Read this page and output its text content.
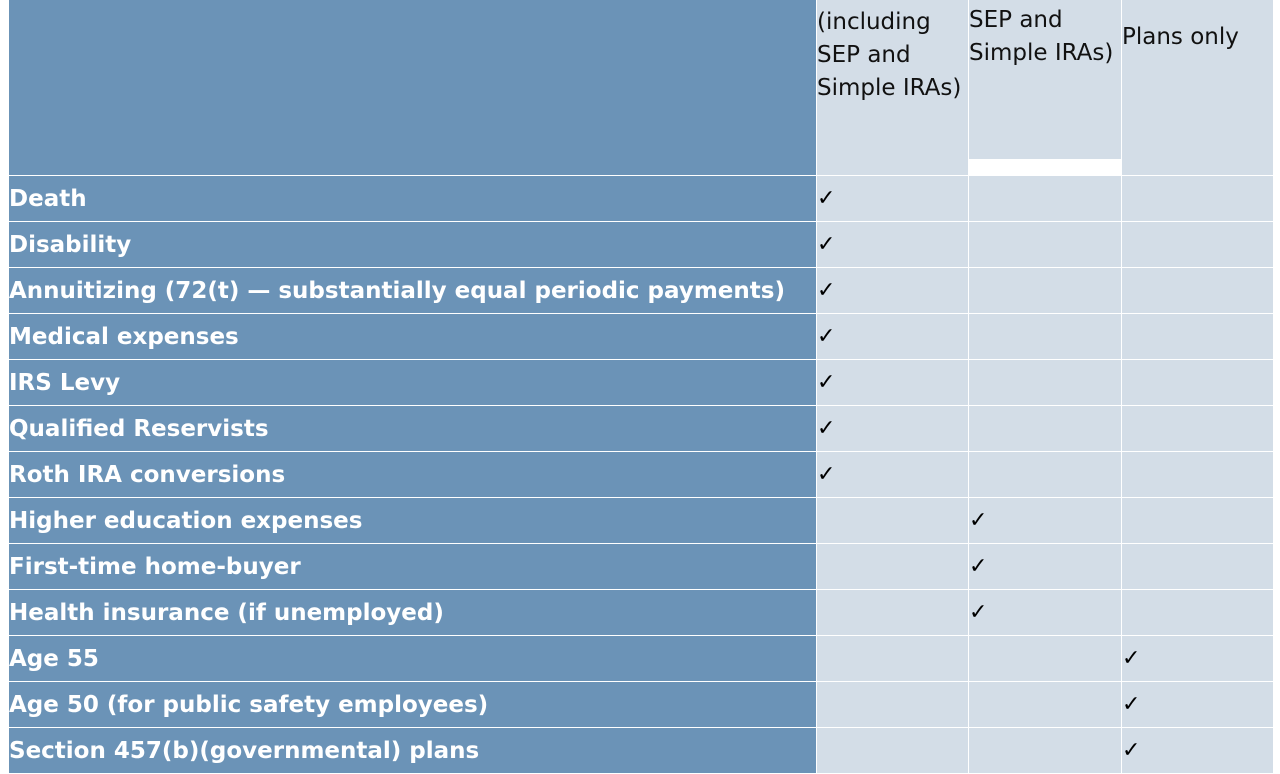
	(including SEP and Simple IRAs)	SEP and Simple IRAs)	Plans only
Death	✓		
Disability	✓		
Annuitizing (72(t) — substantially equal periodic payments)	✓		
Medical expenses	✓		
IRS Levy	✓		
Qualified Reservists	✓		
Roth IRA conversions	✓		
Higher education expenses		✓	
First-time home-buyer		✓	
Health insurance (if unemployed)		✓	
Age 55			✓
Age 50 (for public safety employees)			✓
Section 457(b)(governmental) plans			✓
